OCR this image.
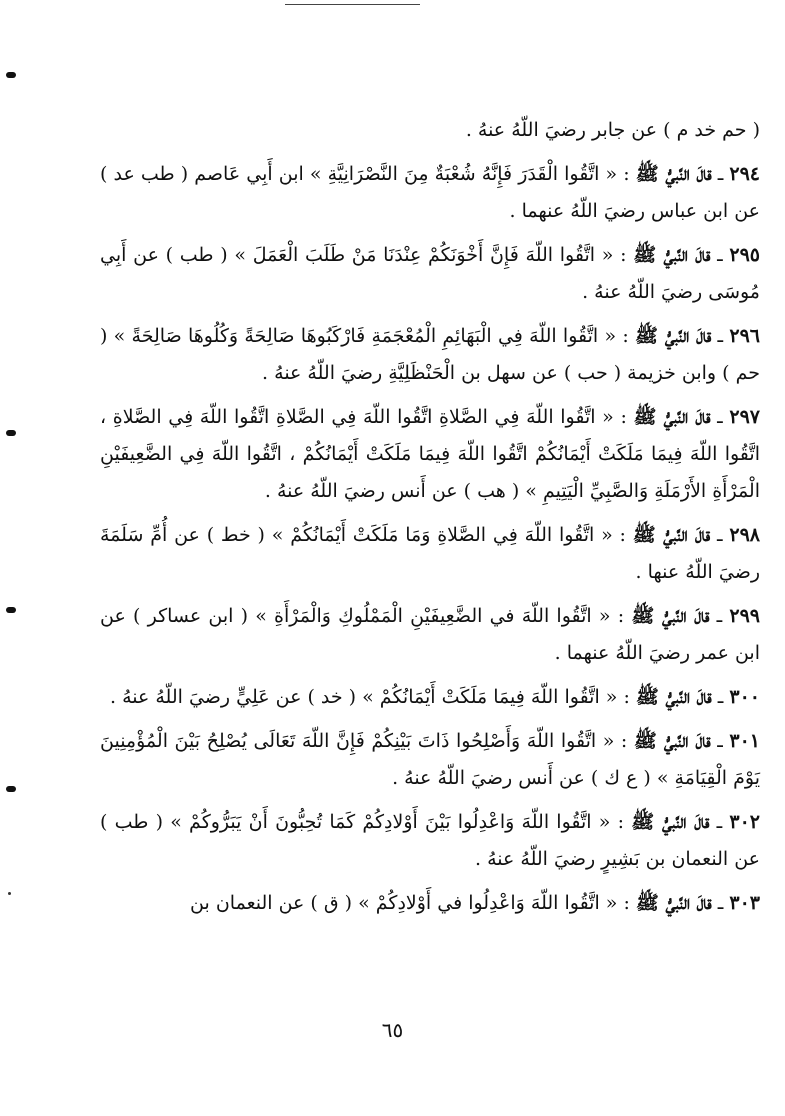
( حم خد م ) عن جابر رضيَ اللّهُ عنهُ .

٢٩٤ ـ قالَ النَّبيُّ ﷺ : « اتَّقُوا الْقَدَرَ فَإِنَّهُ شُعْبَةٌ مِنَ النَّصْرَانِيَّةِ » ابن أَبِي عَاصم ( طب عد ) عن ابن عباس رضيَ اللّهُ عنهما .

٢٩٥ ـ قالَ النَّبيُّ ﷺ : « اتَّقُوا اللّهَ فَإِنَّ أَخْوَنَكُمْ عِنْدَنَا مَنْ طَلَبَ الْعَمَلَ » ( طب ) عن أَبِي مُوسَى رضيَ اللّهُ عنهُ .

٢٩٦ ـ قالَ النَّبيُّ ﷺ : « اتَّقُوا اللّهَ فِي الْبَهَائِمِ الْمُعْجَمَةِ فَارْكَبُوهَا صَالِحَةً وَكُلُوهَا صَالِحَةً » ( حم ) وابن خزيمة ( حب ) عن سهل بن الْحَنْظَلِيَّةِ رضيَ اللّهُ عنهُ .

٢٩٧ ـ قالَ النَّبيُّ ﷺ : « اتَّقُوا اللّهَ فِي الصَّلاةِ اتَّقُوا اللّهَ فِي الصَّلاةِ اتَّقُوا اللّهَ فِي الصَّلاةِ ، اتَّقُوا اللّهَ فِيمَا مَلَكَتْ أَيْمَانُكُمْ اتَّقُوا اللّهَ فِيمَا مَلَكَتْ أَيْمَانُكُمْ ، اتَّقُوا اللّهَ فِي الضَّعِيفَيْنِ الْمَرْأَةِ الأَرْمَلَةِ وَالصَّبِيِّ الْيَتِيمِ » ( هب ) عن أَنس رضيَ اللّهُ عنهُ .

٢٩٨ ـ قالَ النَّبيُّ ﷺ : « اتَّقُوا اللّهَ فِي الصَّلاةِ وَمَا مَلَكَتْ أَيْمَانُكُمْ » ( خط ) عن أُمِّ سَلَمَةَ رضيَ اللّهُ عنها .

٢٩٩ ـ قالَ النَّبيُّ ﷺ : « اتَّقُوا اللّهَ في الضَّعِيفَيْنِ الْمَمْلُوكِ وَالْمَرْأَةِ » ( ابن عساكر ) عن ابن عمر رضيَ اللّهُ عنهما .

٣٠٠ ـ قالَ النَّبيُّ ﷺ : « اتَّقُوا اللّهَ فِيمَا مَلَكَتْ أَيْمَانُكُمْ » ( خد ) عن عَلِيٍّ رضيَ اللّهُ عنهُ .

٣٠١ ـ قالَ النَّبيُّ ﷺ : « اتَّقُوا اللّهَ وَأَصْلِحُوا ذَاتَ بَيْنِكُمْ فَإِنَّ اللّهَ تَعَالَى يُصْلِحُ بَيْنَ الْمُؤْمِنِينَ يَوْمَ الْقِيَامَةِ » ( ع ك ) عن أَنس رضيَ اللّهُ عنهُ .

٣٠٢ ـ قالَ النَّبيُّ ﷺ : « اتَّقُوا اللّهَ وَاعْدِلُوا بَيْنَ أَوْلادِكُمْ كَمَا تُحِبُّونَ أَنْ يَبَرُّوكُمْ » ( طب ) عن النعمان بن بَشِيرٍ رضيَ اللّهُ عنهُ .

٣٠٣ ـ قالَ النَّبيُّ ﷺ : « اتَّقُوا اللّهَ وَاعْدِلُوا في أَوْلادِكُمْ » ( ق ) عن النعمان بن

٦٥
